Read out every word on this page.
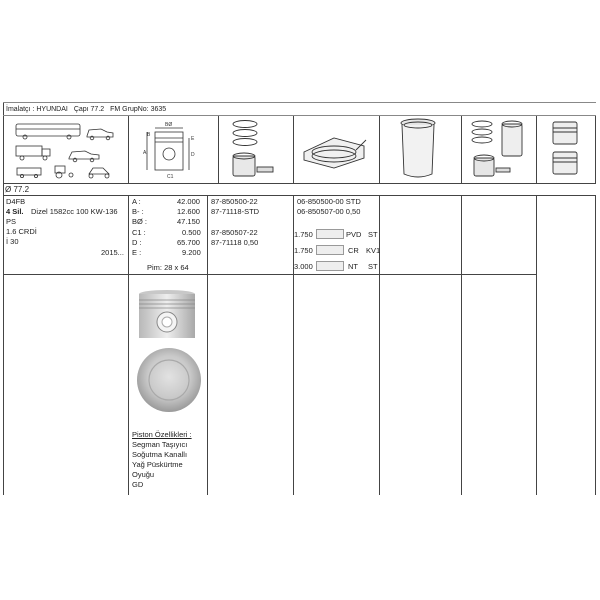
İmalatçı : HYUNDAI Çapı 77.2 FM GrupNo: 3635
A	D
BØ
B
E
C1
Ø 77.2
D4FB
4 Sil. Dizel 1582cc 100 KW-136
PS
1.6 CRDİ
İ 30
2015...
A :	42.000
B- :	12.600
BØ :	47.150
C1 :	0.500
D :	65.700
E :	9.200
Pim: 28 x 64
Piston Özellikleri :
Segman Taşıyıcı
Soğutma Kanallı
Yağ Püskürtme
Oyuğu
GD
87-850500-22
87-71118-STD
87-850507-22
87-71118 0,50
06-850500-00 STD
06-850507-00 0,50
1.750	PVD ST
1.750	CR KV1
3.000	NT ST
